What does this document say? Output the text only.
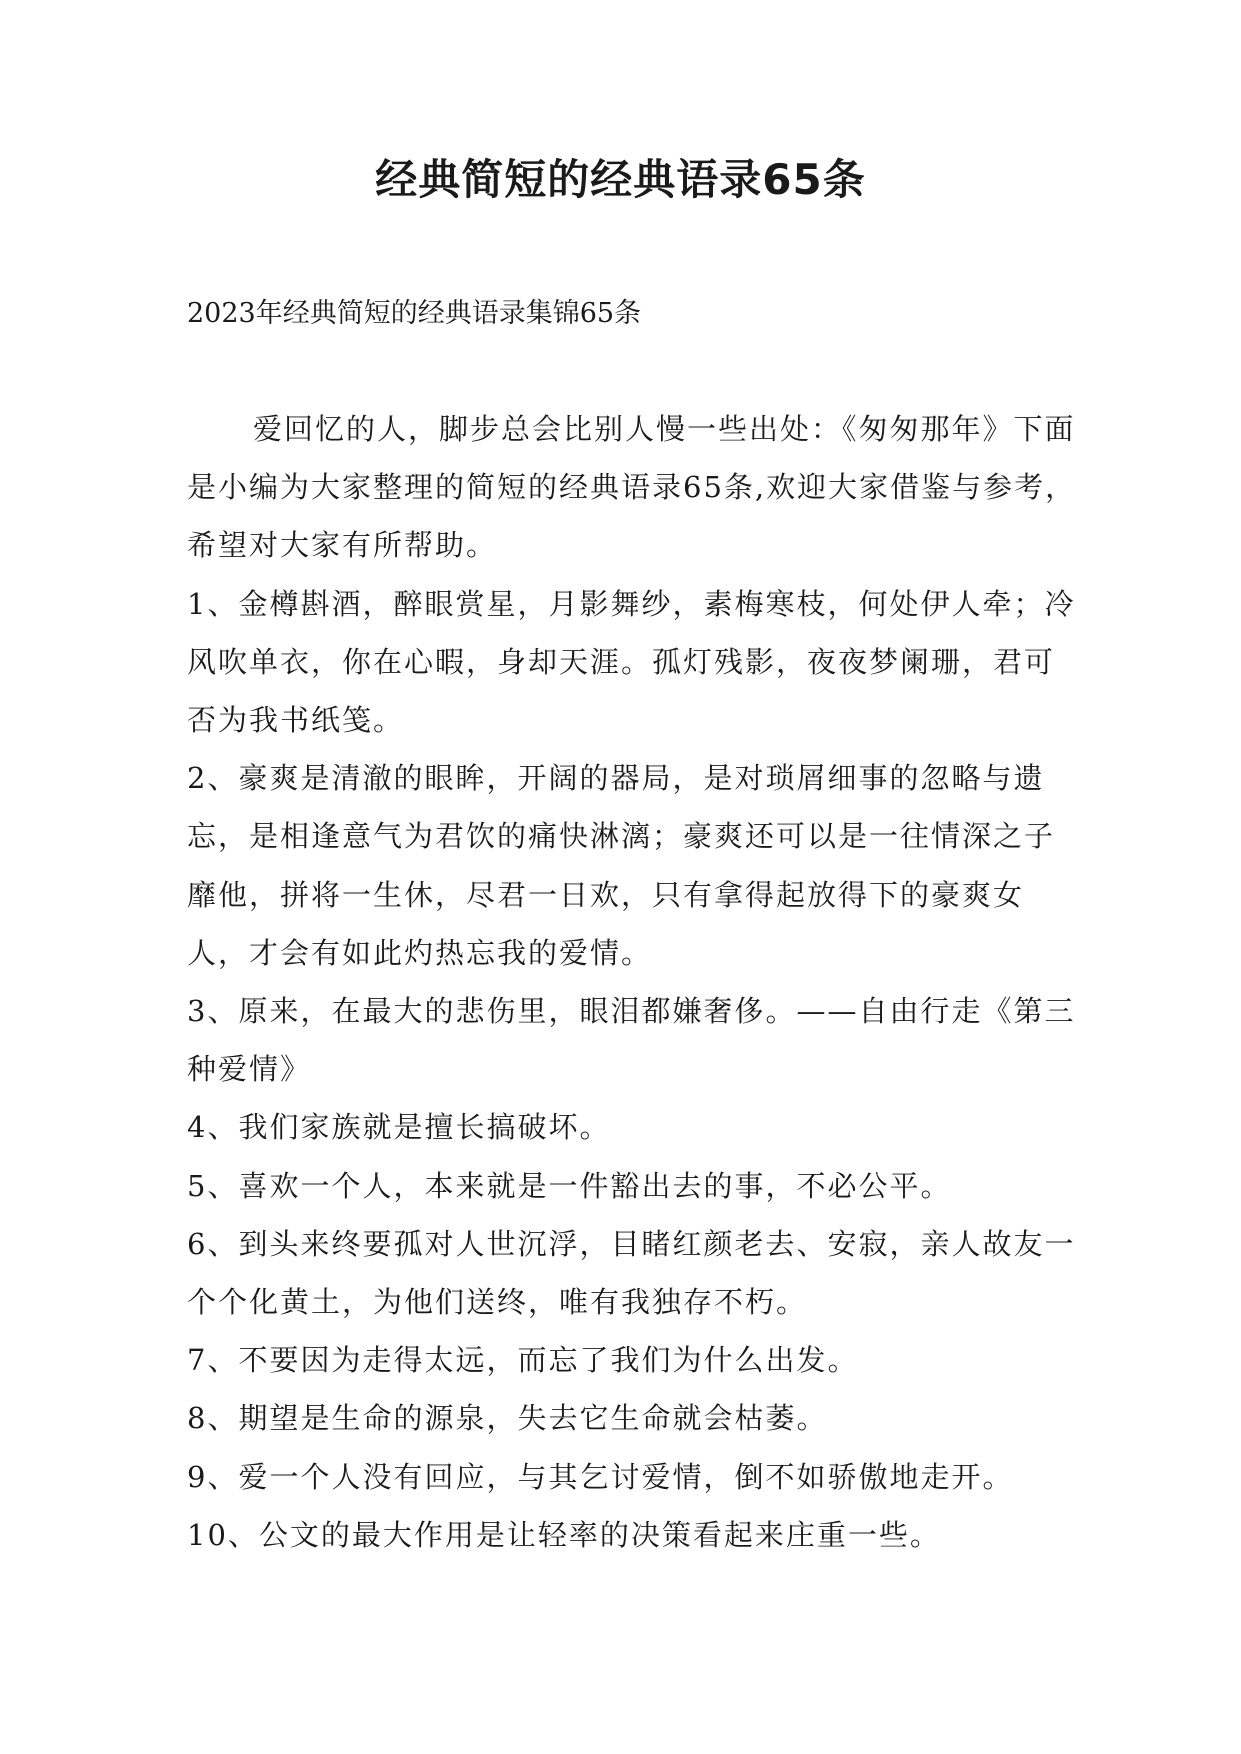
经典简短的经典语录65条

2023年经典简短的经典语录集锦65条

爱回忆的人，脚步总会比别人慢一些出处：《匆匆那年》下面是小编为大家整理的简短的经典语录65条,欢迎大家借鉴与参考，希望对大家有所帮助。

1、金樽斟酒，醉眼赏星，月影舞纱，素梅寒枝，何处伊人牵；冷风吹单衣，你在心暇，身却天涯。孤灯残影，夜夜梦阑珊，君可否为我书纸笺。

2、豪爽是清澈的眼眸，开阔的器局，是对琐屑细事的忽略与遗忘，是相逢意气为君饮的痛快淋漓；豪爽还可以是一往情深之子靡他，拼将一生休，尽君一日欢，只有拿得起放得下的豪爽女人，才会有如此灼热忘我的爱情。

3、原来，在最大的悲伤里，眼泪都嫌奢侈。——自由行走《第三种爱情》

4、我们家族就是擅长搞破坏。

5、喜欢一个人，本来就是一件豁出去的事，不必公平。

6、到头来终要孤对人世沉浮，目睹红颜老去、安寂，亲人故友一个个化黄土，为他们送终，唯有我独存不朽。

7、不要因为走得太远，而忘了我们为什么出发。

8、期望是生命的源泉，失去它生命就会枯萎。

9、爱一个人没有回应，与其乞讨爱情，倒不如骄傲地走开。

10、公文的最大作用是让轻率的决策看起来庄重一些。
